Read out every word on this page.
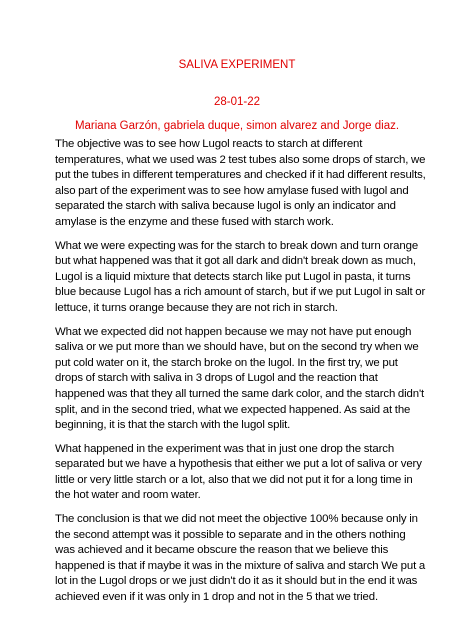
SALIVA EXPERIMENT
28-01-22
Mariana Garzón, gabriela duque, simon alvarez and Jorge diaz.

The objective was to see how Lugol reacts to starch at different temperatures, what we used was 2 test tubes also some drops of starch, we put the tubes in different temperatures and checked if it had different results, also part of the experiment was to see how amylase fused with lugol and separated the starch with saliva because lugol is only an indicator and amylase is the enzyme and these fused with starch work.

What we were expecting was for the starch to break down and turn orange but what happened was that it got all dark and didn't break down as much, Lugol is a liquid mixture that detects starch like put Lugol in pasta, it turns blue because Lugol has a rich amount of starch, but if we put Lugol in salt or lettuce, it turns orange because they are not rich in starch.

What we expected did not happen because we may not have put enough saliva or we put more than we should have, but on the second try when we put cold water on it, the starch broke on the lugol. In the first try, we put drops of starch with saliva in 3 drops of Lugol and the reaction that happened was that they all turned the same dark color, and the starch didn't split, and in the second tried, what we expected happened. As said at the beginning, it is that the starch with the lugol split.

What happened in the experiment was that in just one drop the starch separated but we have a hypothesis that either we put a lot of saliva or very little or very little starch or a lot, also that we did not put it for a long time in the hot water and room water.

The conclusion is that we did not meet the objective 100% because only in the second attempt was it possible to separate and in the others nothing was achieved and it became obscure the reason that we believe this happened is that if maybe it was in the mixture of saliva and starch We put a lot in the Lugol drops or we just didn't do it as it should but in the end it was achieved even if it was only in 1 drop and not in the 5 that we tried.
